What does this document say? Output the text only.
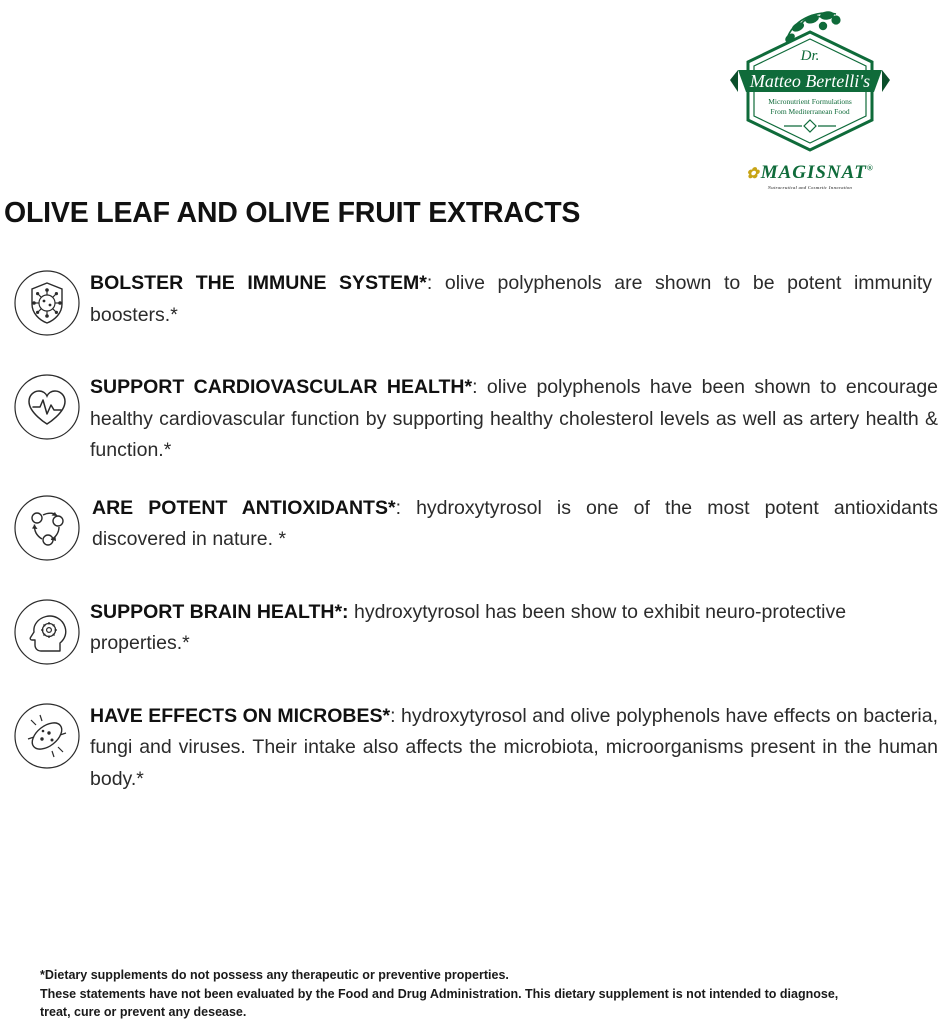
Dr.
Matteo Bertelli's
Micronutrient Formulations
From Mediterranean Food
✿MAGISNAT®
Nutraceutical and Cosmetic Innovation
OLIVE LEAF AND OLIVE FRUIT EXTRACTS
BOLSTER THE IMMUNE SYSTEM*: olive polyphenols are shown to be potent immunity boosters.*
SUPPORT CARDIOVASCULAR HEALTH*: olive polyphenols have been shown to encourage healthy cardiovascular function by supporting healthy cholesterol levels as well as artery health & function.*
ARE POTENT ANTIOXIDANTS*: hydroxytyrosol is one of the most potent antioxidants discovered in nature. *
SUPPORT BRAIN HEALTH*: hydroxytyrosol has been show to exhibit neuro-protective properties.*
HAVE EFFECTS ON MICROBES*: hydroxytyrosol and olive polyphenols have effects on bacteria, fungi and viruses. Their intake also affects the microbiota, microorganisms present in the human body.*
*Dietary supplements do not possess any therapeutic or preventive properties.
These statements have not been evaluated by the Food and Drug Administration. This dietary supplement is not intended to diagnose, treat, cure or prevent any desease.
